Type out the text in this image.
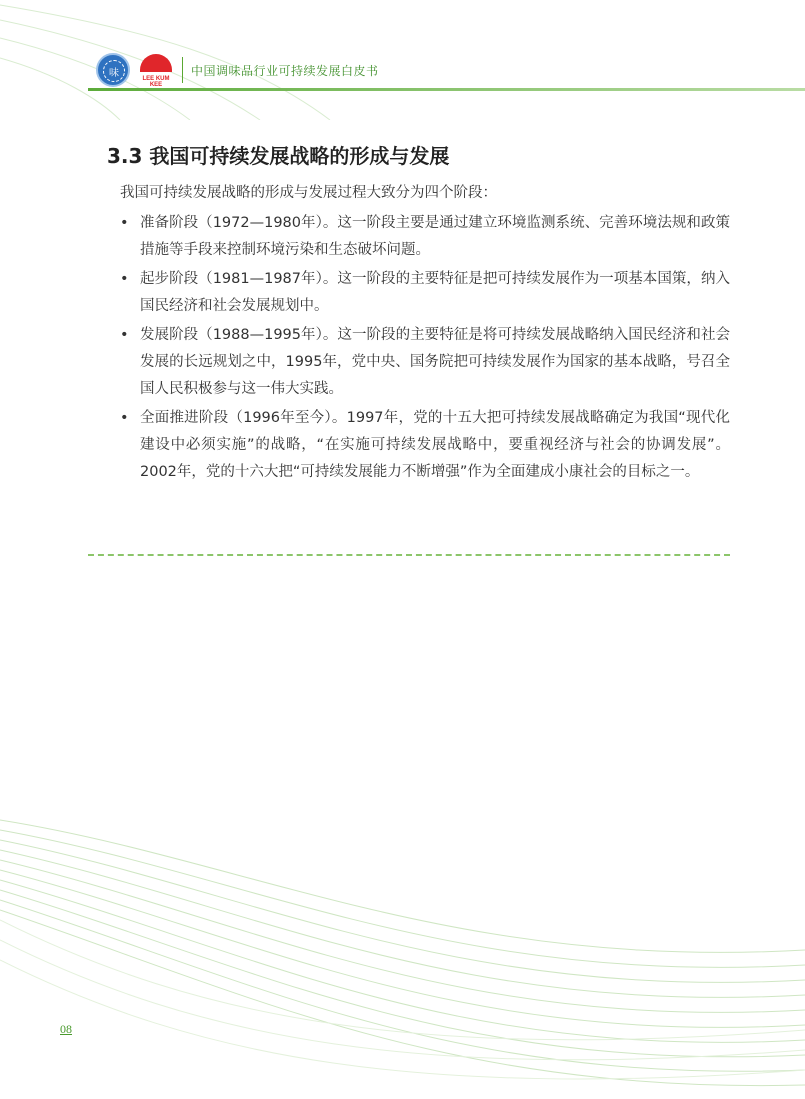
味
LEE KUM KEE
中国调味品行业可持续发展白皮书
3.3 我国可持续发展战略的形成与发展
我国可持续发展战略的形成与发展过程大致分为四个阶段：
• 准备阶段（1972—1980年）。这一阶段主要是通过建立环境监测系统、完善环境法规和政策措施等手段来控制环境污染和生态破坏问题。
• 起步阶段（1981—1987年）。这一阶段的主要特征是把可持续发展作为一项基本国策，纳入国民经济和社会发展规划中。
• 发展阶段（1988—1995年）。这一阶段的主要特征是将可持续发展战略纳入国民经济和社会发展的长远规划之中，1995年，党中央、国务院把可持续发展作为国家的基本战略，号召全国人民积极参与这一伟大实践。
• 全面推进阶段（1996年至今）。1997年，党的十五大把可持续发展战略确定为我国“现代化建设中必须实施”的战略，“在实施可持续发展战略中，要重视经济与社会的协调发展”。2002年，党的十六大把“可持续发展能力不断增强”作为全面建成小康社会的目标之一。
08
